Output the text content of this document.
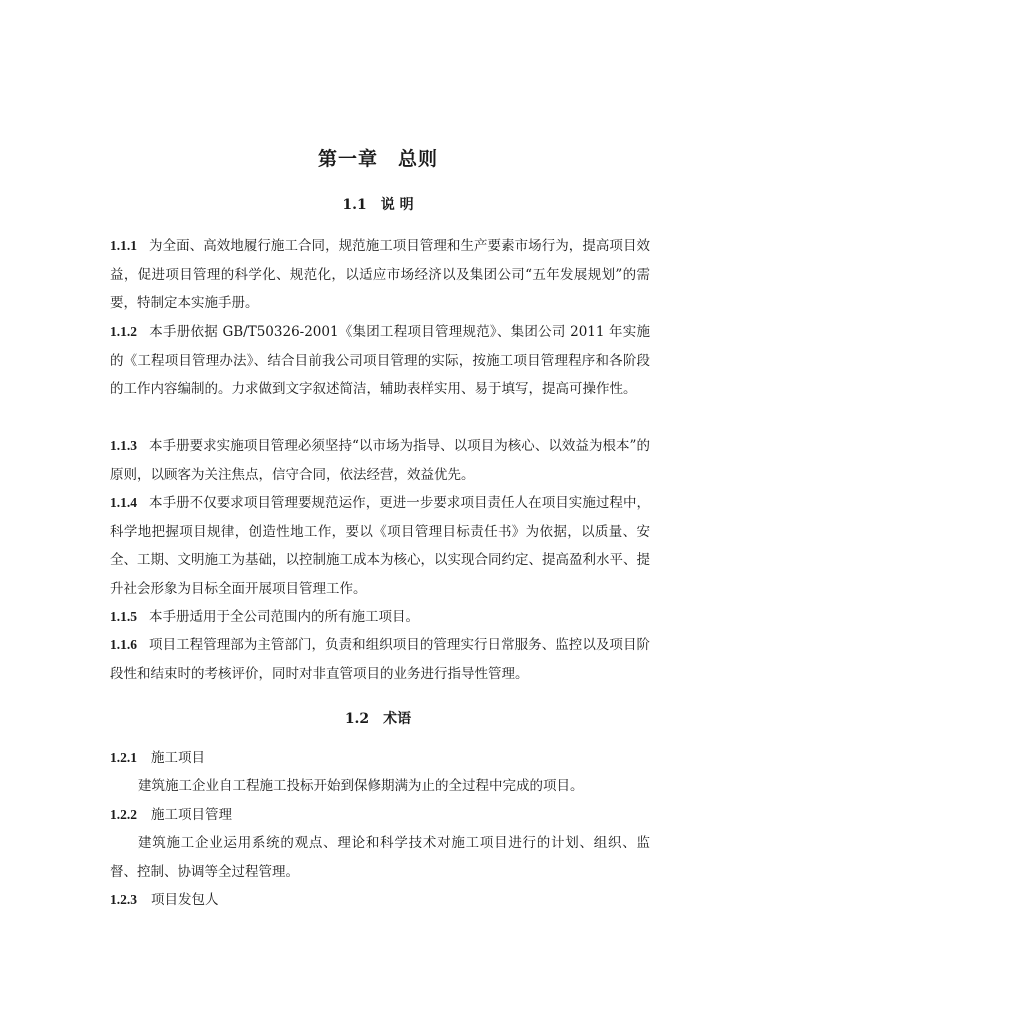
第一章　总则
1.1　说 明
1.1.1 为全面、高效地履行施工合同，规范施工项目管理和生产要素市场行为，提高项目效益，促进项目管理的科学化、规范化，以适应市场经济以及集团公司“五年发展规划”的需要，特制定本实施手册。
1.1.2 本手册依据 GB/T50326-2001《集团工程项目管理规范》、集团公司 2011 年实施的《工程项目管理办法》、结合目前我公司项目管理的实际，按施工项目管理程序和各阶段的工作内容编制的。力求做到文字叙述简洁，辅助表样实用、易于填写，提高可操作性。
1.1.3 本手册要求实施项目管理必须坚持“以市场为指导、以项目为核心、以效益为根本”的原则，以顾客为关注焦点，信守合同，依法经营，效益优先。
1.1.4 本手册不仅要求项目管理要规范运作，更进一步要求项目责任人在项目实施过程中，科学地把握项目规律，创造性地工作，要以《项目管理目标责任书》为依据，以质量、安全、工期、文明施工为基础，以控制施工成本为核心，以实现合同约定、提高盈利水平、提升社会形象为目标全面开展项目管理工作。
1.1.5 本手册适用于全公司范围内的所有施工项目。
1.1.6 项目工程管理部为主管部门，负责和组织项目的管理实行日常服务、监控以及项目阶段性和结束时的考核评价，同时对非直管项目的业务进行指导性管理。
1.2　术语
1.2.1 施工项目
建筑施工企业自工程施工投标开始到保修期满为止的全过程中完成的项目。
1.2.2 施工项目管理
建筑施工企业运用系统的观点、理论和科学技术对施工项目进行的计划、组织、监督、控制、协调等全过程管理。
1.2.3 项目发包人
